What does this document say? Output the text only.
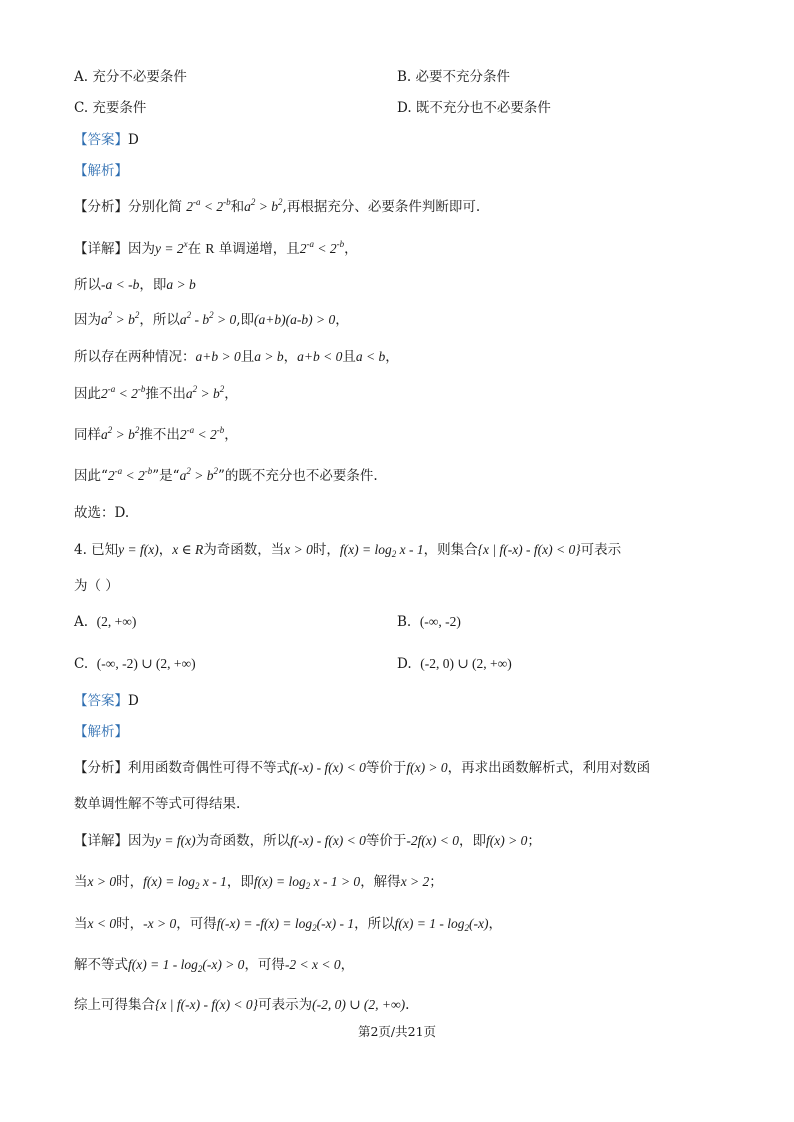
A. 充分不必要条件	B. 必要不充分条件
C. 充要条件	D. 既不充分也不必要条件
【答案】D
【解析】
【分析】分别化简 $2^{-a} < 2^{-b}$和$a^2 > b^2$,再根据充分、必要条件判断即可.
【详解】因为$y = 2^x$在 R 单调递增，且$2^{-a} < 2^{-b}$，
所以-a < -b，即a > b
因为$a^2 > b^2$，所以$a^2 - b^2 > 0$,即(a+b)(a-b) > 0，
所以存在两种情况：a+b > 0且a > b，a+b < 0且a < b，
因此$2^{-a} < 2^{-b}$推不出$a^2 > b^2$，
同样$a^2 > b^2$推不出$2^{-a} < 2^{-b}$，
因此“$2^{-a} < 2^{-b}$”是“$a^2 > b^2$”的既不充分也不必要条件.
故选：D.
4. 已知y = f(x)，x ∈ R为奇函数，当x > 0时，$f(x) = \log_2 x - 1$，则集合{x | f(-x) - f(x) < 0}可表示
为（ ）
A. (2, +∞)	B. (-∞, -2)
C. (-∞, -2) ∪ (2, +∞)	D. (-2, 0) ∪ (2, +∞)
【答案】D
【解析】
【分析】利用函数奇偶性可得不等式f(-x) - f(x) < 0等价于f(x) > 0，再求出函数解析式，利用对数函
数单调性解不等式可得结果.
【详解】因为y = f(x)为奇函数，所以f(-x) - f(x) < 0等价于-2f(x) < 0，即f(x) > 0；
当x > 0时，$f(x) = \log_2 x - 1$，即$f(x) = \log_2 x - 1 > 0$，解得x > 2；
当x < 0时，-x > 0，可得$f(-x) = -f(x) = \log_2(-x) - 1$，所以$f(x) = 1 - \log_2(-x)$，
解不等式$f(x) = 1 - \log_2(-x) > 0$，可得-2 < x < 0，
综上可得集合{x | f(-x) - f(x) < 0}可表示为(-2, 0) ∪ (2, +∞).
第2页/共21页
